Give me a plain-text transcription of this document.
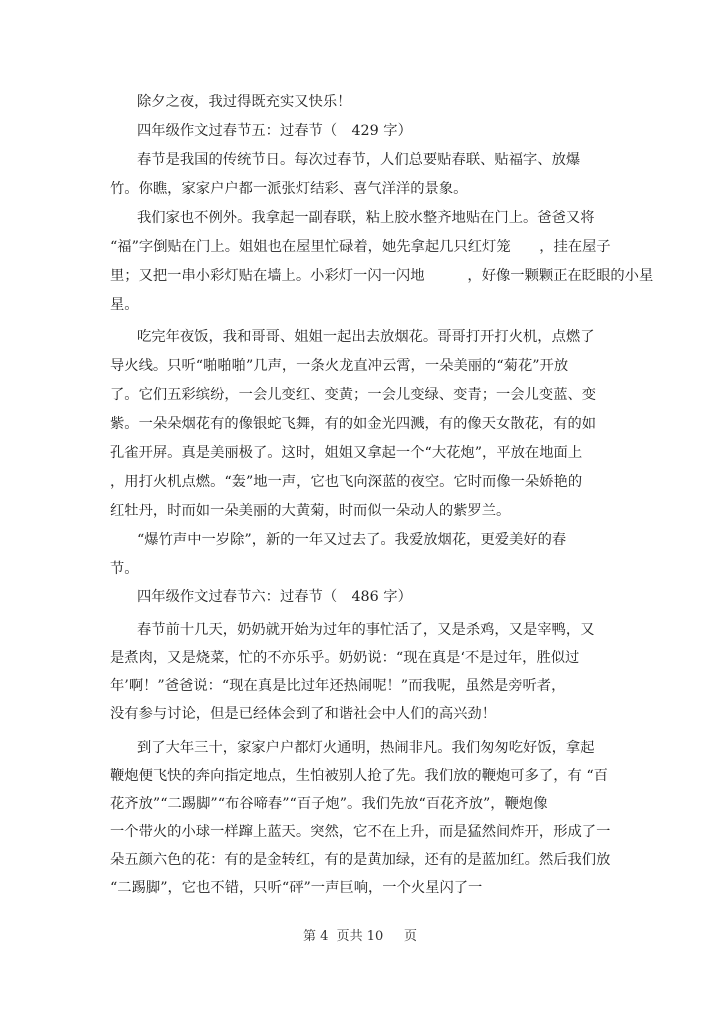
除夕之夜，我过得既充实又快乐！
四年级作文过春节五：过春节（　429 字）
春节是我国的传统节日。每次过春节，人们总要贴春联、贴福字、放爆
竹。你瞧，家家户户都一派张灯结彩、喜气洋洋的景象。
我们家也不例外。我拿起一副春联，粘上胶水整齐地贴在门上。爸爸又将
“福”字倒贴在门上。姐姐也在屋里忙碌着，她先拿起几只红灯笼　　，挂在屋子
里；又把一串小彩灯贴在墙上。小彩灯一闪一闪地　　　，好像一颗颗正在眨眼的小星
星。
吃完年夜饭，我和哥哥、姐姐一起出去放烟花。哥哥打开打火机，点燃了
导火线。只听“啪啪啪”几声，一条火龙直冲云霄，一朵美丽的“菊花”开放
了。它们五彩缤纷，一会儿变红、变黄；一会儿变绿、变青；一会儿变蓝、变
紫。一朵朵烟花有的像银蛇飞舞，有的如金光四溅，有的像天女散花，有的如
孔雀开屏。真是美丽极了。这时，姐姐又拿起一个“大花炮”，平放在地面上
，用打火机点燃。“轰”地一声，它也飞向深蓝的夜空。它时而像一朵娇艳的
红牡丹，时而如一朵美丽的大黄菊，时而似一朵动人的紫罗兰。
“爆竹声中一岁除”，新的一年又过去了。我爱放烟花，更爱美好的春
节。
四年级作文过春节六：过春节（　486 字）
春节前十几天，奶奶就开始为过年的事忙活了，又是杀鸡，又是宰鸭，又
是煮肉，又是烧菜，忙的不亦乐乎。奶奶说：“现在真是‘不是过年，胜似过
年’啊！”爸爸说：“现在真是比过年还热闹呢！”而我呢，虽然是旁听者，
没有参与讨论，但是已经体会到了和谐社会中人们的高兴劲！
到了大年三十，家家户户都灯火通明，热闹非凡。我们匆匆吃好饭，拿起
鞭炮便飞快的奔向指定地点，生怕被别人抢了先。我们放的鞭炮可多了，有 “百
花齐放”“二踢脚”“布谷啼春”“百子炮”。我们先放“百花齐放”，鞭炮像
一个带火的小球一样蹿上蓝天。突然，它不在上升，而是猛然间炸开，形成了一
朵五颜六色的花：有的是金转红，有的是黄加绿，还有的是蓝加红。然后我们放
“二踢脚”，它也不错，只听“砰”一声巨响，一个火星闪了一
第 4  页共 10     页
